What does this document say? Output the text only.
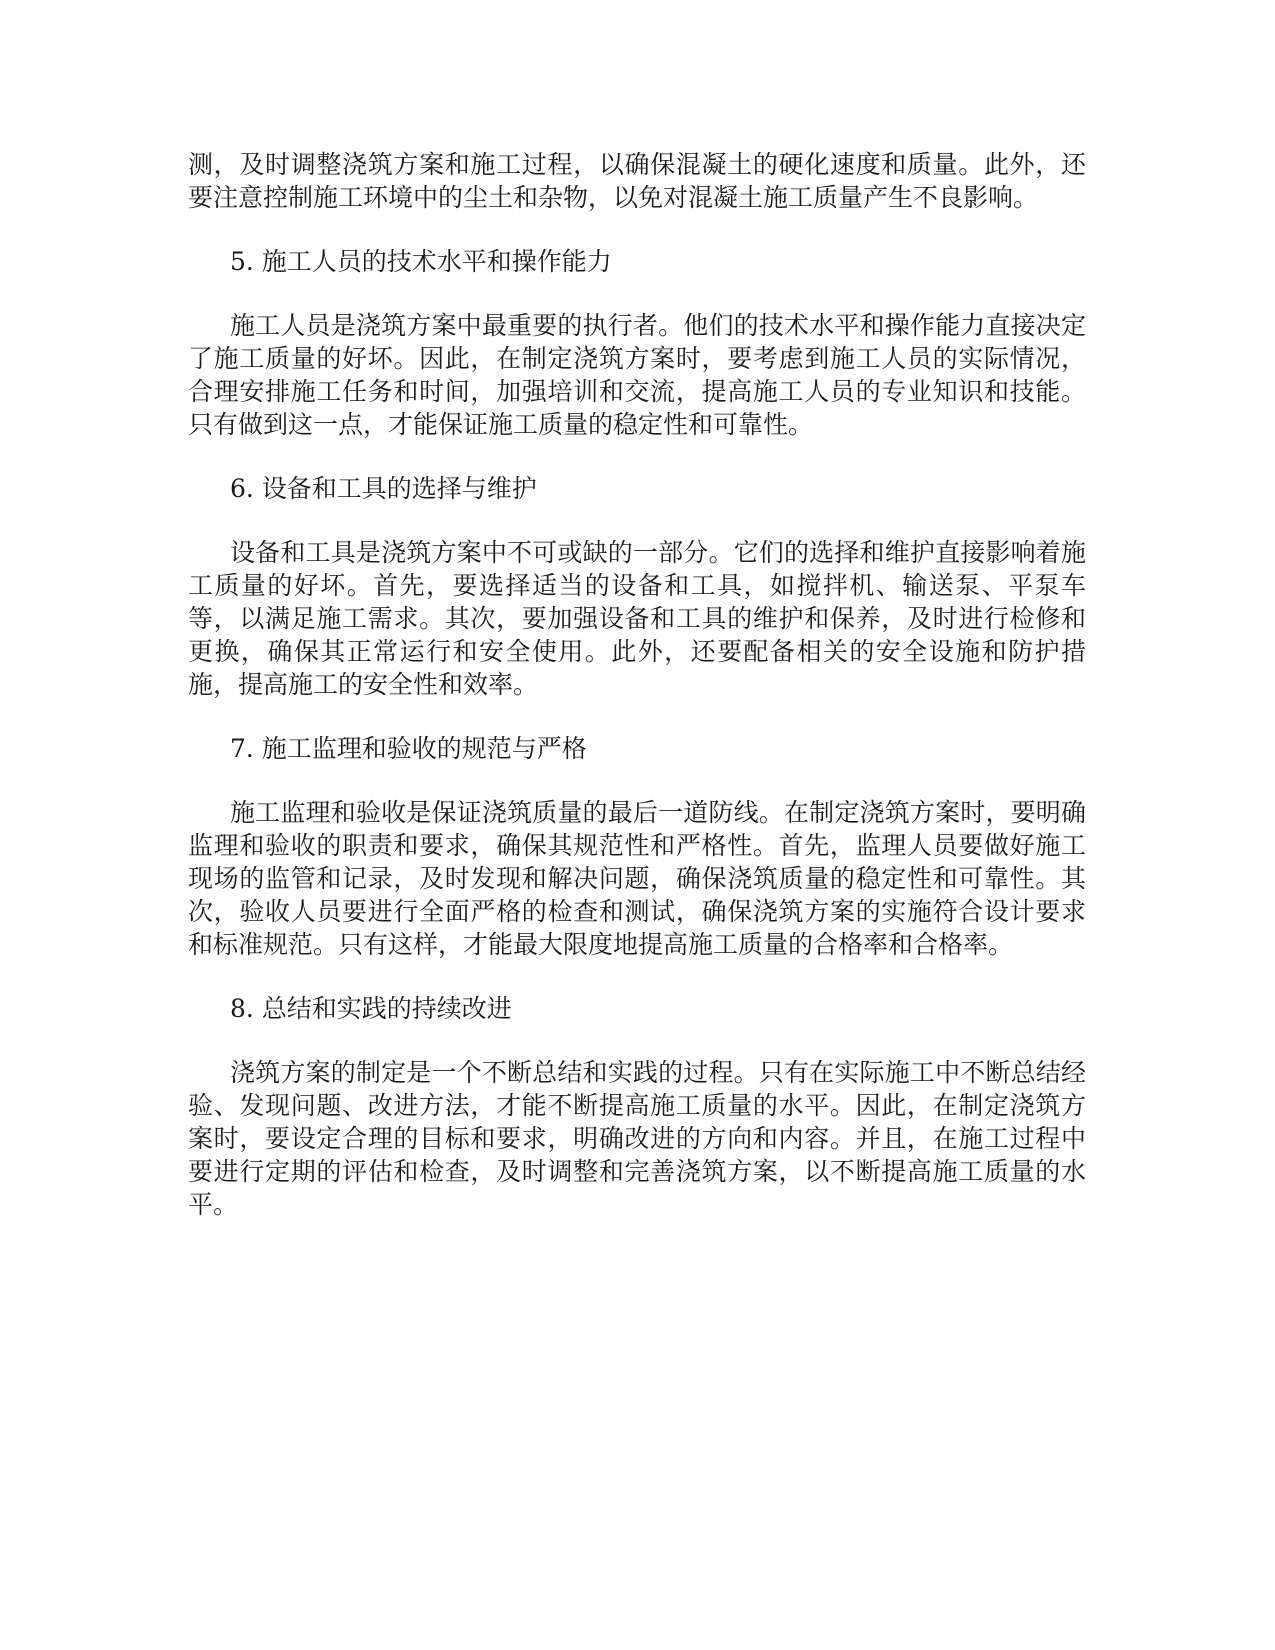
测，及时调整浇筑方案和施工过程，以确保混凝土的硬化速度和质量。此外，还要注意控制施工环境中的尘土和杂物，以免对混凝土施工质量产生不良影响。

5. 施工人员的技术水平和操作能力

施工人员是浇筑方案中最重要的执行者。他们的技术水平和操作能力直接决定了施工质量的好坏。因此，在制定浇筑方案时，要考虑到施工人员的实际情况，合理安排施工任务和时间，加强培训和交流，提高施工人员的专业知识和技能。只有做到这一点，才能保证施工质量的稳定性和可靠性。

6. 设备和工具的选择与维护

设备和工具是浇筑方案中不可或缺的一部分。它们的选择和维护直接影响着施工质量的好坏。首先，要选择适当的设备和工具，如搅拌机、输送泵、平泵车等，以满足施工需求。其次，要加强设备和工具的维护和保养，及时进行检修和更换，确保其正常运行和安全使用。此外，还要配备相关的安全设施和防护措施，提高施工的安全性和效率。

7. 施工监理和验收的规范与严格

施工监理和验收是保证浇筑质量的最后一道防线。在制定浇筑方案时，要明确监理和验收的职责和要求，确保其规范性和严格性。首先，监理人员要做好施工现场的监管和记录，及时发现和解决问题，确保浇筑质量的稳定性和可靠性。其次，验收人员要进行全面严格的检查和测试，确保浇筑方案的实施符合设计要求和标准规范。只有这样，才能最大限度地提高施工质量的合格率和合格率。

8. 总结和实践的持续改进

浇筑方案的制定是一个不断总结和实践的过程。只有在实际施工中不断总结经验、发现问题、改进方法，才能不断提高施工质量的水平。因此，在制定浇筑方案时，要设定合理的目标和要求，明确改进的方向和内容。并且，在施工过程中要进行定期的评估和检查，及时调整和完善浇筑方案，以不断提高施工质量的水平。
